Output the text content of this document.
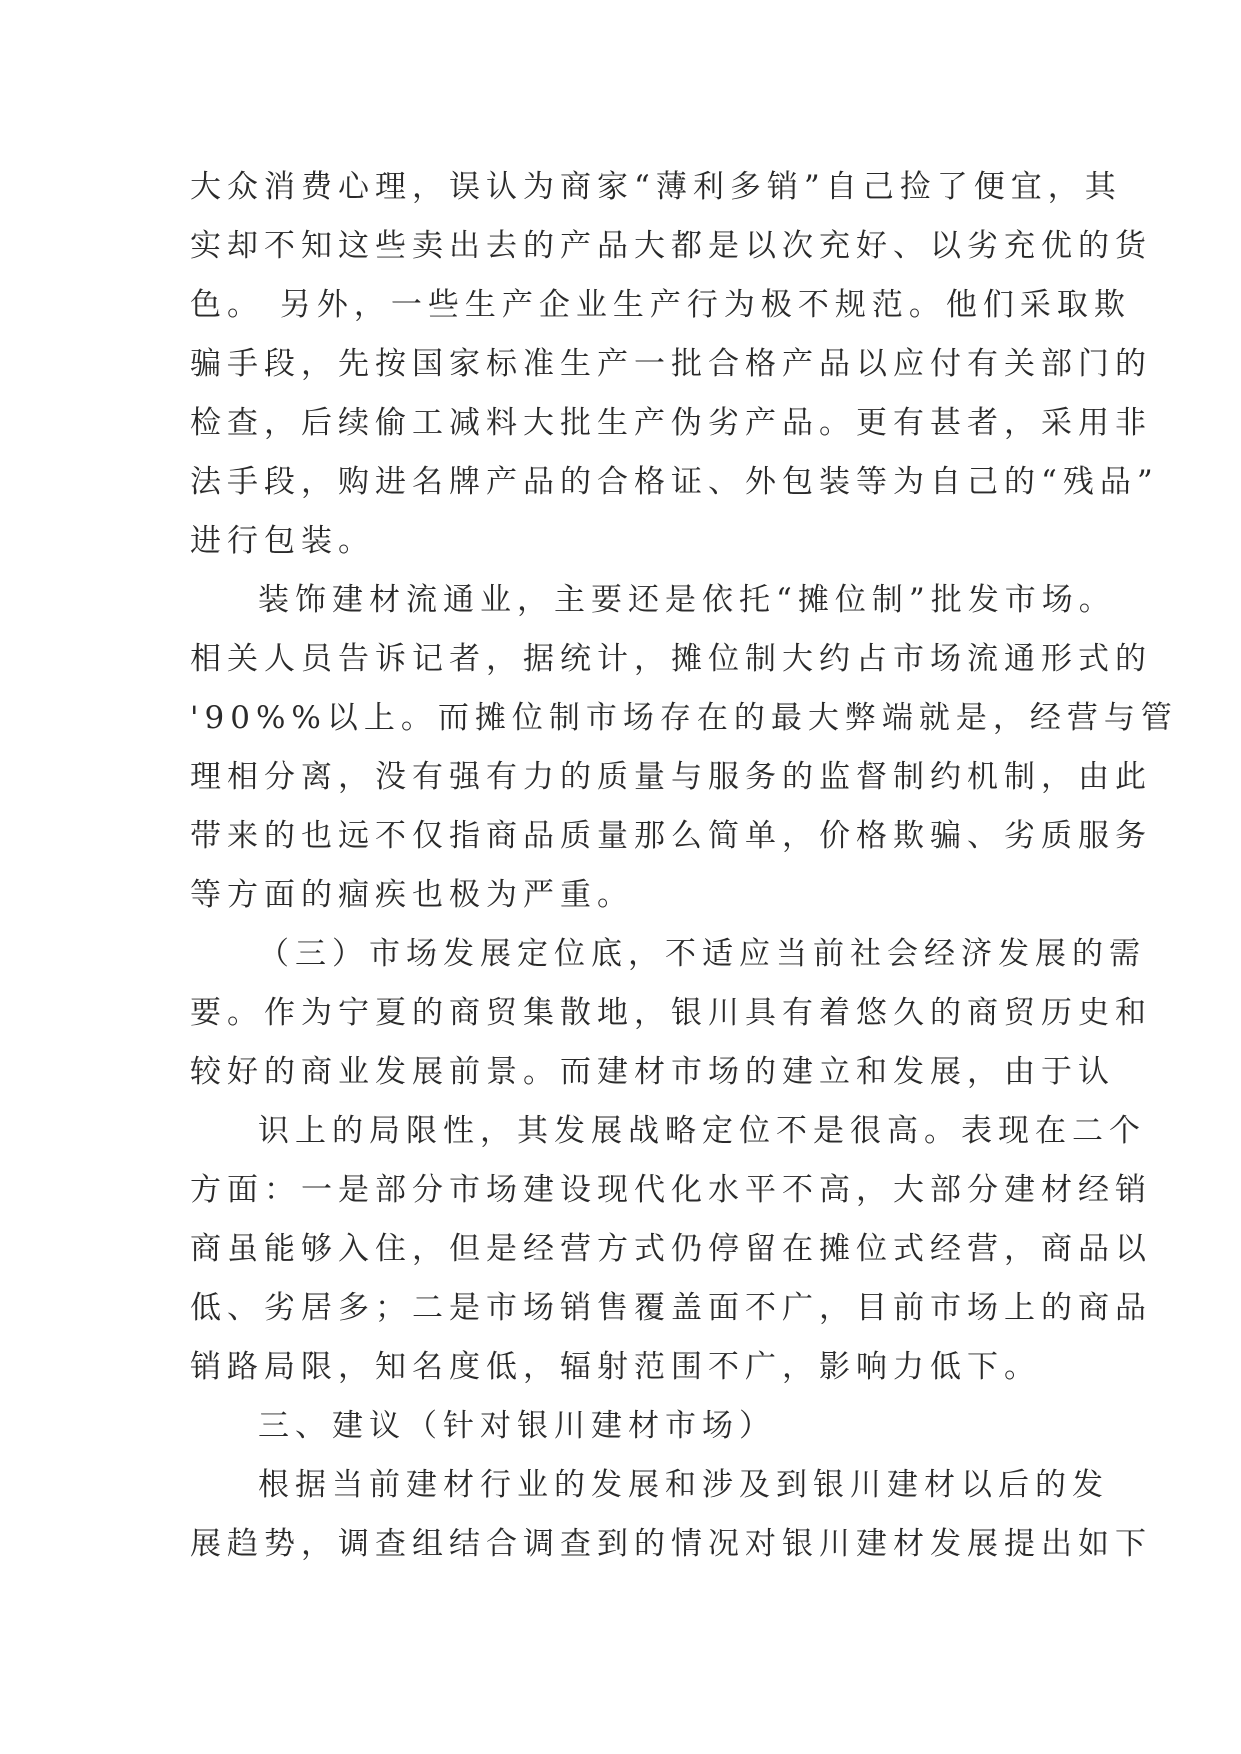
大众消费心理，误认为商家“薄利多销”自己捡了便宜，其
实却不知这些卖出去的产品大都是以次充好、以劣充优的货
色。 另外，一些生产企业生产行为极不规范。他们采取欺
骗手段，先按国家标准生产一批合格产品以应付有关部门的
检查，后续偷工减料大批生产伪劣产品。更有甚者，采用非
法手段，购进名牌产品的合格证、外包装等为自己的“残品”
进行包装。
装饰建材流通业，主要还是依托“摊位制”批发市场。
相关人员告诉记者，据统计，摊位制大约占市场流通形式的
'90%%以上。而摊位制市场存在的最大弊端就是，经营与管
理相分离，没有强有力的质量与服务的监督制约机制，由此
带来的也远不仅指商品质量那么简单，价格欺骗、劣质服务
等方面的痼疾也极为严重。
（三）市场发展定位底，不适应当前社会经济发展的需
要。作为宁夏的商贸集散地，银川具有着悠久的商贸历史和
较好的商业发展前景。而建材市场的建立和发展，由于认
识上的局限性，其发展战略定位不是很高。表现在二个
方面：一是部分市场建设现代化水平不高，大部分建材经销
商虽能够入住，但是经营方式仍停留在摊位式经营，商品以
低、劣居多；二是市场销售覆盖面不广，目前市场上的商品
销路局限，知名度低，辐射范围不广，影响力低下。
三、建议（针对银川建材市场）
根据当前建材行业的发展和涉及到银川建材以后的发
展趋势，调查组结合调查到的情况对银川建材发展提出如下
